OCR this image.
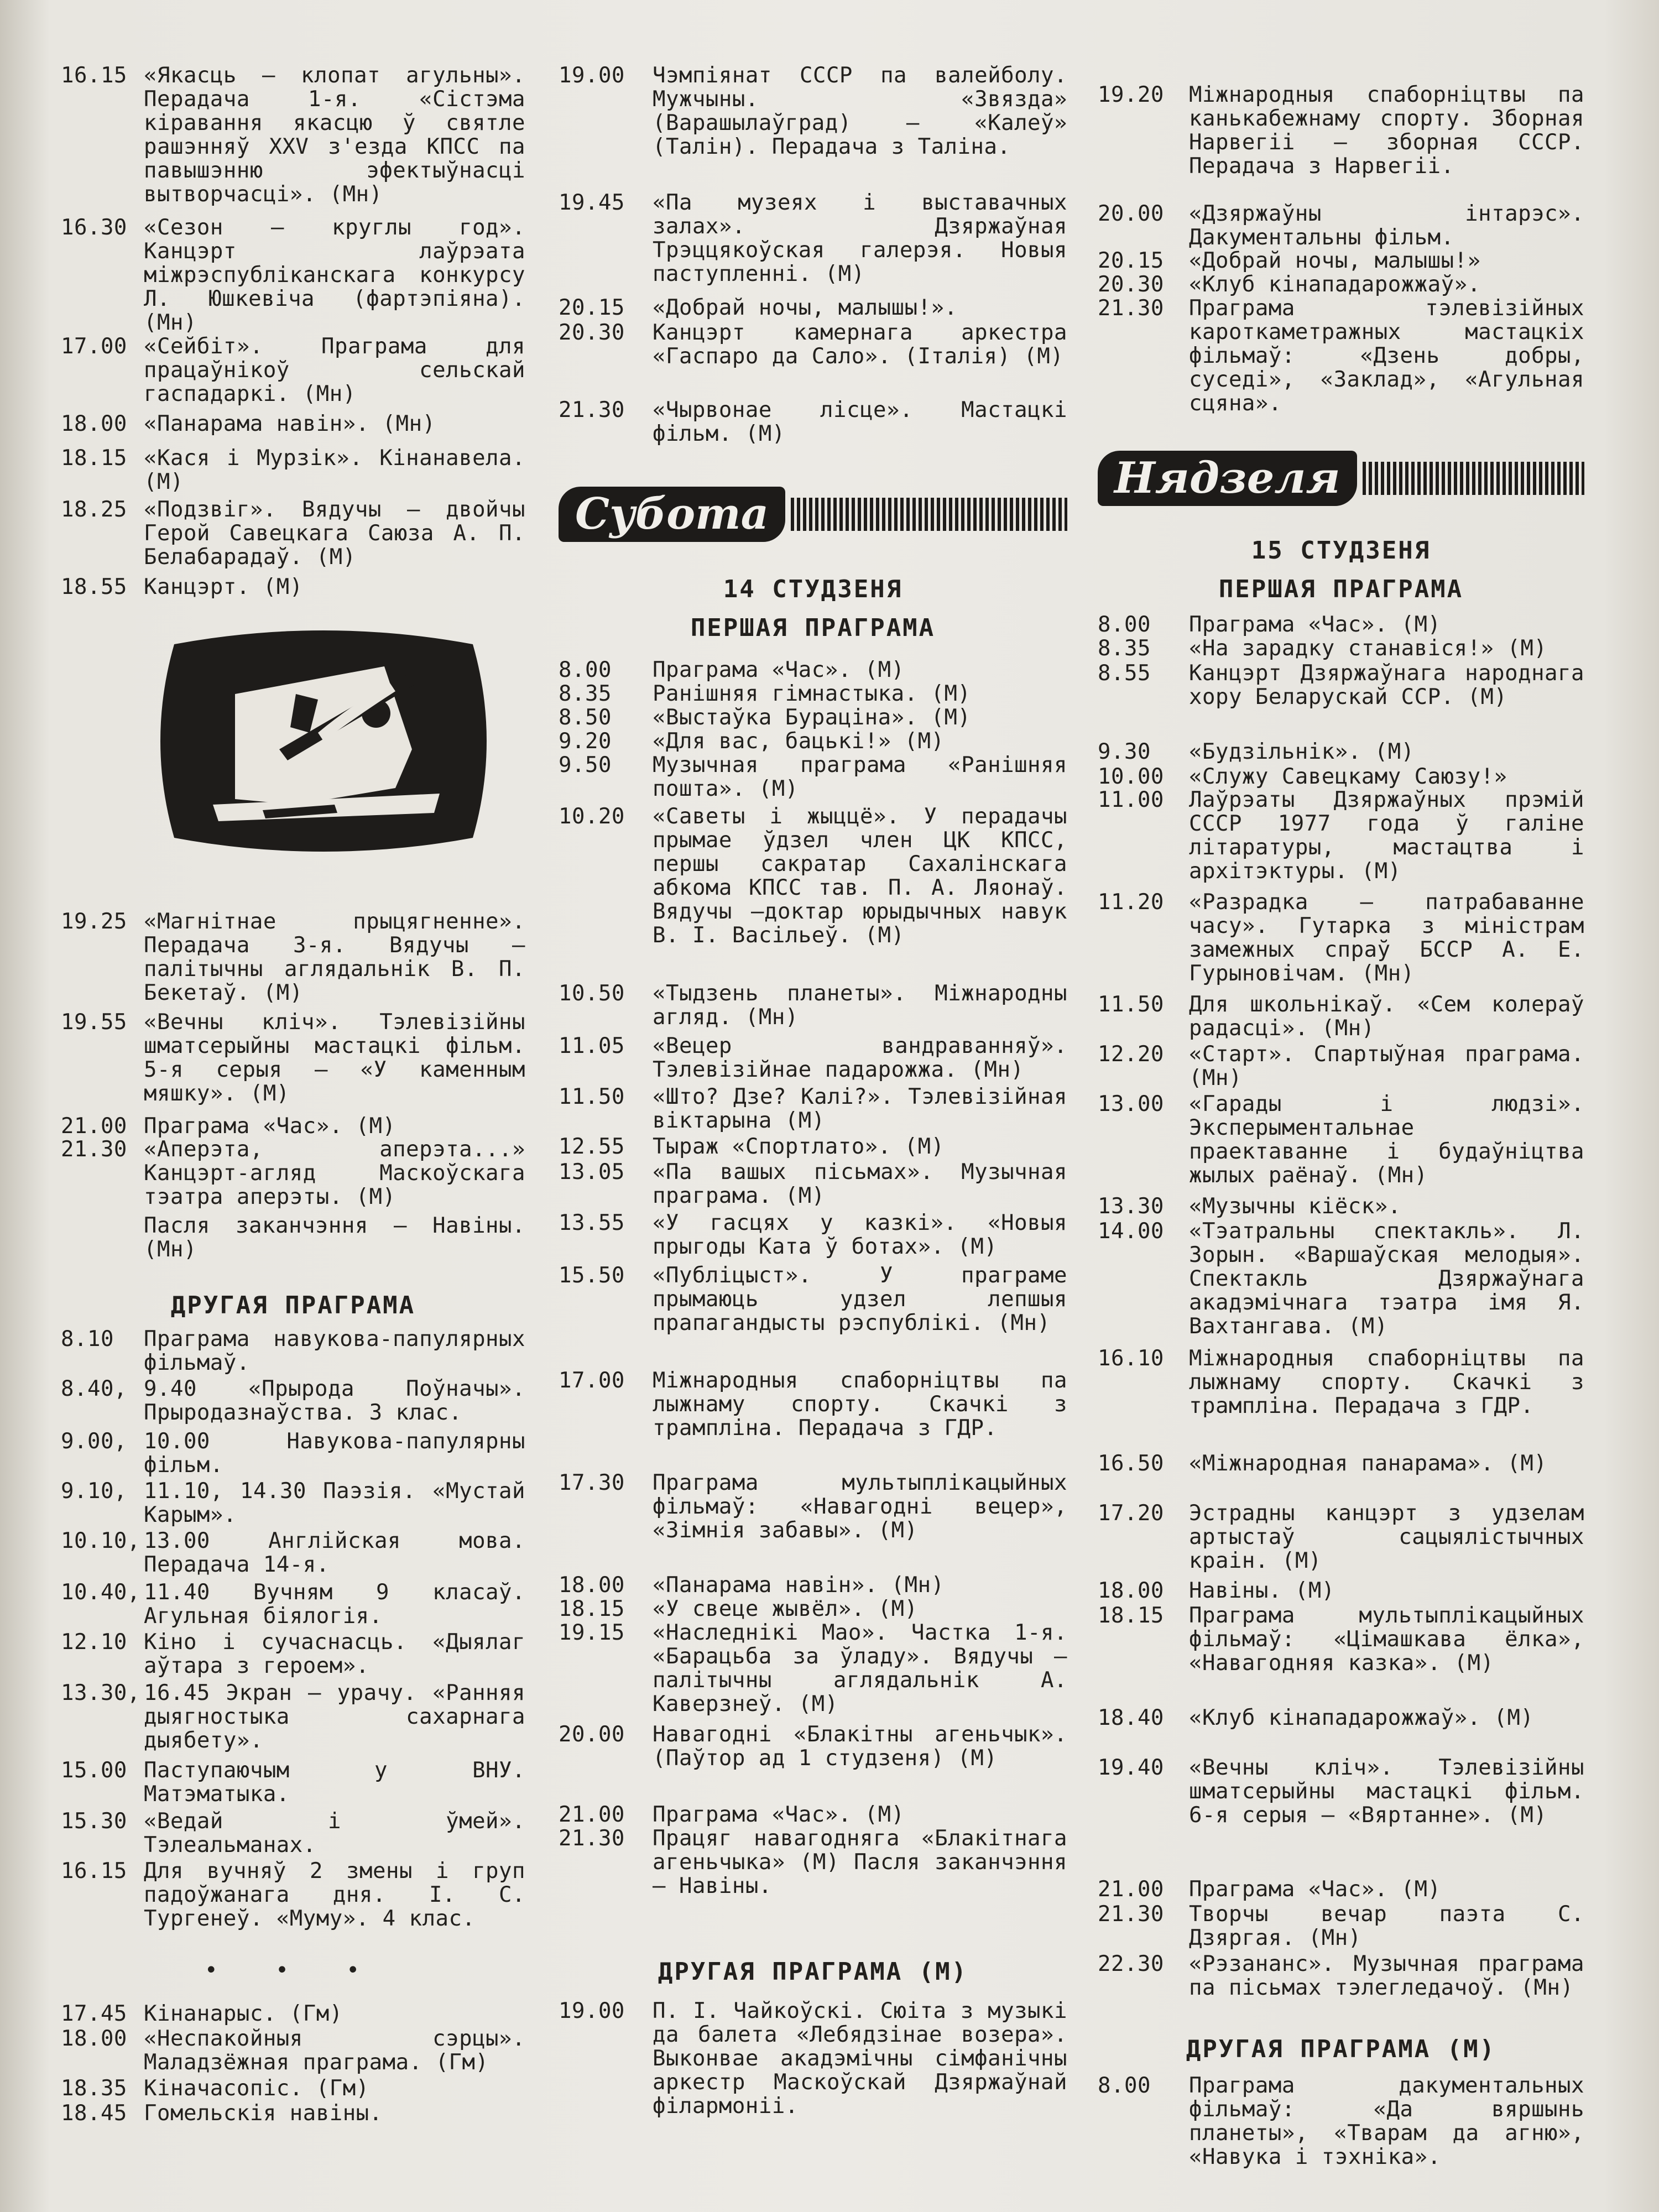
16.15 «Якасць — клопат агульны». Перадача 1-я. «Сістэма кіравання якасцю ў святле рашэнняў XXV з'езда КПСС па павышэнню эфектыўнасці вытворчасці». (Мн)
16.30 «Сезон — круглы год». Канцэрт лаўрэата міжрэспубліканскага конкурсу Л. Юшкевіча (фартэпіяна). (Мн)
17.00 «Сейбіт». Праграма для працаўнікоў сельскай гаспадаркі. (Мн)
18.00 «Панарама навін». (Мн)
18.15 «Кася і Мурзік». Кінанавела. (М)
18.25 «Подзвіг». Вядучы — двойчы Герой Савецкага Саюза А. П. Белабарадаў. (М)
18.55 Канцэрт. (М)
19.25 «Магнітнае прыцягненне». Перадача 3-я. Вядучы — палітычны аглядальнік В. П. Бекетаў. (М)
19.55 «Вечны кліч». Тэлевізійны шматсерыйны мастацкі фільм. 5-я серыя — «У каменным мяшку». (М)
21.00 Праграма «Час». (М)
21.30 «Аперэта, аперэта...» Канцэрт-агляд Маскоўскага тэатра аперэты. (М)
Пасля заканчэння — Навіны. (Мн)
ДРУГАЯ ПРАГРАМА
8.10	Праграма навукова-папулярных фільмаў.
8.40, 9.40 «Прырода Поўначы». Прыродазнаўства. 3 клас.
9.00, 10.00 Навукова-папулярны фільм.
9.10, 11.10, 14.30 Паэзія. «Мустай Карым».
10.10, 13.00 Англійская мова. Перадача 14-я.
10.40, 11.40 Вучням 9 класаў. Агульная біялогія.
12.10 Кіно і сучаснасць. «Дыялаг аўтара з героем».
13.30, 16.45 Экран — урачу. «Ранняя дыягностыка сахарнага дыябету».
15.00 Паступаючым у ВНУ. Матэматыка.
15.30 «Ведай і ўмей». Тэлеальманах.
16.15 Для вучняў 2 змены і груп падоўжанага дня. І. С. Тургенеў. «Муму». 4 клас.
• • •
17.45 Кінанарыс. (Гм)
18.00 «Неспакойныя сэрцы». Маладзёжная праграма. (Гм)
18.35 Кіначасопіс. (Гм)
18.45 Гомельскія навіны.
19.00	Чэмпіянат СССР па валейболу. Мужчыны. «Звязда» (Варашылаўград) — «Калеў» (Талін). Перадача з Таліна.
19.45	«Па музеях і выставачных залах». Дзяржаўная Трэццякоўская галерэя. Новыя паступленні. (М)
20.15	«Добрай ночы, малышы!».
20.30	Канцэрт камернага аркестра «Гаспаро да Сало». (Італія) (М)
21.30	«Чырвонае лісце». Мастацкі фільм. (М)
Субота
14 СТУДЗЕНЯ
ПЕРШАЯ ПРАГРАМА
8.00	Праграма «Час». (М)
8.35	Ранішняя гімнастыка. (М)
8.50	«Выстаўка Бураціна». (М)
9.20	«Для вас, бацькі!» (М)
9.50	Музычная праграма «Ранішняя пошта». (М)
10.20	«Саветы і жыццё». У перадачы прымае ўдзел член ЦК КПСС, першы сакратар Сахалінскага абкома КПСС тав. П. А. Ляонаў. Вядучы —доктар юрыдычных навук В. І. Васільеў. (М)
10.50	«Тыдзень планеты». Міжнародны агляд. (Мн)
11.05	«Вецер вандраванняў». Тэлевізійнае падарожжа. (Мн)
11.50	«Што? Дзе? Калі?». Тэлевізійная віктарына (М)
12.55	Тыраж «Спортлато». (М)
13.05	«Па вашых пісьмах». Музычная праграма. (М)
13.55	«У гасцях у казкі». «Новыя прыгоды Ката ў ботах». (М)
15.50	«Публіцыст». У праграме прымаюць удзел лепшыя прапагандысты рэспублікі. (Мн)
17.00	Міжнародныя спаборніцтвы па лыжнаму спорту. Скачкі з трампліна. Перадача з ГДР.
17.30	Праграма мультыплікацыйных фільмаў: «Навагодні вецер», «Зімнія забавы». (М)
18.00	«Панарама навін». (Мн)
18.15	«У свеце жывёл». (М)
19.15	«Наследнікі Мао». Частка 1-я. «Барацьба за ўладу». Вядучы — палітычны аглядальнік А. Каверзнеў. (М)
20.00	Навагодні «Блакітны агеньчык». (Паўтор ад 1 студзеня) (М)
21.00	Праграма «Час». (М)
21.30	Працяг навагодняга «Блакітнага агеньчыка» (М) Пасля заканчэння — Навіны.
ДРУГАЯ ПРАГРАМА (М)
19.00	П. І. Чайкоўскі. Сюіта з музыкі да балета «Лебядзінае возера». Выконвае акадэмічны сімфанічны аркестр Маскоўскай Дзяржаўнай філармоніі.
19.20	Міжнародныя спаборніцтвы па канькабежнаму спорту. Зборная Нарвегіі — зборная СССР. Перадача з Нарвегіі.
20.00	«Дзяржаўны інтарэс». Дакументальны фільм.
20.15	«Добрай ночы, малышы!»
20.30	«Клуб кінападарожжаў».
21.30	Праграма тэлевізійных кароткаметражных мастацкіх фільмаў: «Дзень добры, суседі», «Заклад», «Агульная сцяна».
Нядзеля
15 СТУДЗЕНЯ
ПЕРШАЯ ПРАГРАМА
8.00	Праграма «Час». (М)
8.35	«На зарадку станавіся!» (М)
8.55	Канцэрт Дзяржаўнага народнага хору Беларускай ССР. (М)
9.30	«Будзільнік». (М)
10.00	«Служу Савецкаму Саюзу!»
11.00	Лаўрэаты Дзяржаўных прэмій СССР 1977 года ў галіне літаратуры, мастацтва і архітэктуры. (М)
11.20	«Разрадка — патрабаванне часу». Гутарка з міністрам замежных спраў БССР А. Е. Гурыновічам. (Мн)
11.50	Для школьнікаў. «Сем колераў радасці». (Мн)
12.20	«Старт». Спартыўная праграма. (Мн)
13.00	«Гарады і людзі». Эксперыментальнае праектаванне і будаўніцтва жылых раёнаў. (Мн)
13.30	«Музычны кіёск».
14.00	«Тэатральны спектакль». Л. Зорын. «Варшаўская мелодыя». Спектакль Дзяржаўнага акадэмічнага тэатра імя Я. Вахтангава. (М)
16.10	Міжнародныя спаборніцтвы па лыжнаму спорту. Скачкі з трампліна. Перадача з ГДР.
16.50	«Міжнародная панарама». (М)
17.20	Эстрадны канцэрт з удзелам артыстаў сацыялістычных краін. (М)
18.00	Навіны. (М)
18.15	Праграма мультыплікацыйных фільмаў: «Цімашкава ёлка», «Навагодняя казка». (М)
18.40	«Клуб кінападарожжаў». (М)
19.40	«Вечны кліч». Тэлевізійны шматсерыйны мастацкі фільм. 6-я серыя — «Вяртанне». (М)
21.00	Праграма «Час». (М)
21.30	Творчы вечар паэта С. Дзяргая. (Мн)
22.30	«Рэзананс». Музычная праграма па пісьмах тэлегледачоў. (Мн)
ДРУГАЯ ПРАГРАМА (М)
8.00	Праграма дакументальных фільмаў: «Да вяршынь планеты», «Тварам да агню», «Навука і тэхніка».
